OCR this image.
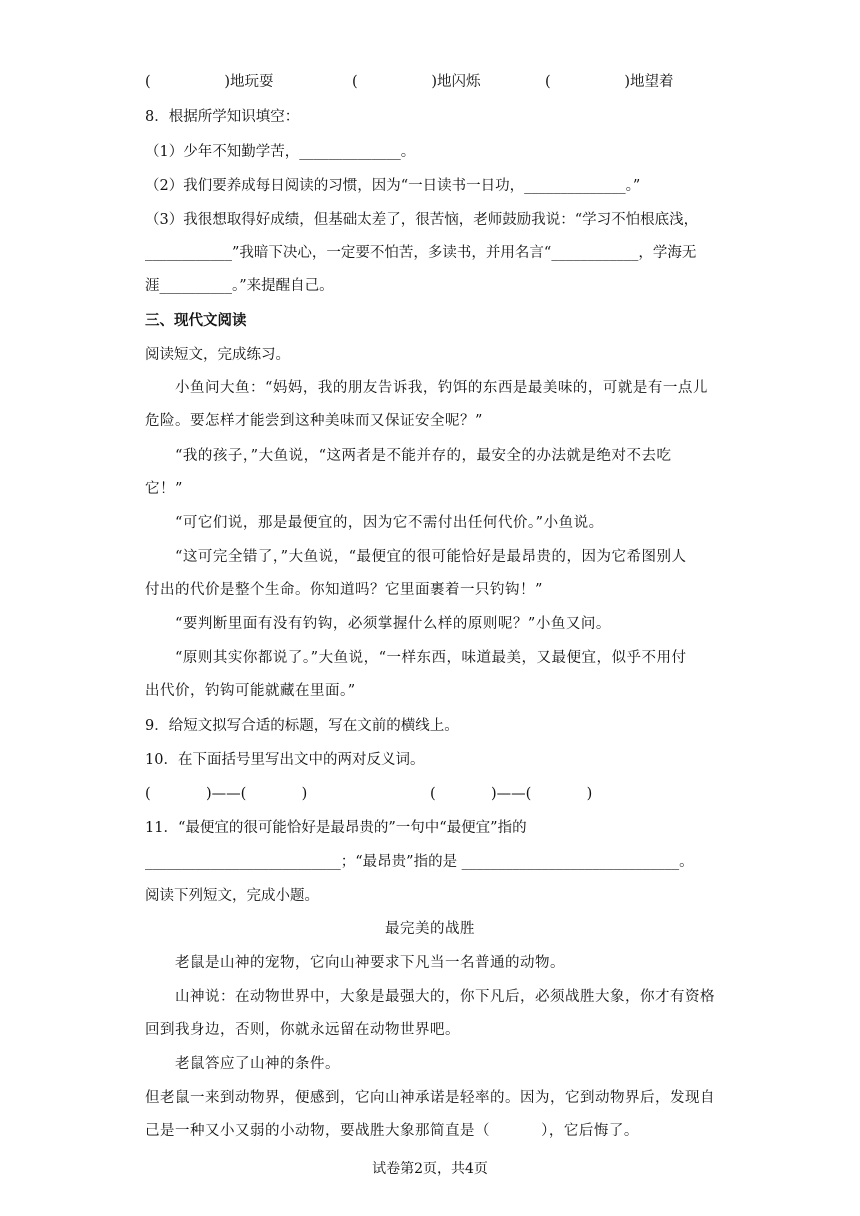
(                )地玩耍	(                )地闪烁	(                )地望着
8．根据所学知识填空：
（1）少年不知勤学苦，______________。
（2）我们要养成每日阅读的习惯，因为“一日读书一日功，______________。”
（3）我很想取得好成绩，但基础太差了，很苦恼，老师鼓励我说：“学习不怕根底浅，
____________”我暗下决心，一定要不怕苦，多读书，并用名言“____________，学海无
涯__________。”来提醒自己。
三、现代文阅读
阅读短文，完成练习。
小鱼问大鱼：“妈妈，我的朋友告诉我，钓饵的东西是最美味的，可就是有一点儿
危险。要怎样才能尝到这种美味而又保证安全呢？”
“我的孩子，”大鱼说，“这两者是不能并存的，最安全的办法就是绝对不去吃
它！”
“可它们说，那是最便宜的，因为它不需付出任何代价。”小鱼说。
“这可完全错了，”大鱼说，“最便宜的很可能恰好是最昂贵的，因为它希图别人
付出的代价是整个生命。你知道吗？它里面裹着一只钓钩！”
“要判断里面有没有钓钩，必须掌握什么样的原则呢？”小鱼又问。
“原则其实你都说了。”大鱼说，“一样东西，味道最美，又最便宜，似乎不用付
出代价，钓钩可能就藏在里面。”
9．给短文拟写合适的标题，写在文前的横线上。
10．在下面括号里写出文中的两对反义词。
(            )——(            )	(            )——(            )
11．“最便宜的很可能恰好是最昂贵的”一句中“最便宜”指的
___________________________；“最昂贵”指的是 ______________________________。
阅读下列短文，完成小题。
最完美的战胜
老鼠是山神的宠物，它向山神要求下凡当一名普通的动物。
山神说：在动物世界中，大象是最强大的，你下凡后，必须战胜大象，你才有资格
回到我身边，否则，你就永远留在动物世界吧。
老鼠答应了山神的条件。
但老鼠一来到动物界，便感到，它向山神承诺是轻率的。因为，它到动物界后，发现自
己是一种又小又弱的小动物，要战胜大象那简直是（          ），它后悔了。
试卷第2页，共4页
